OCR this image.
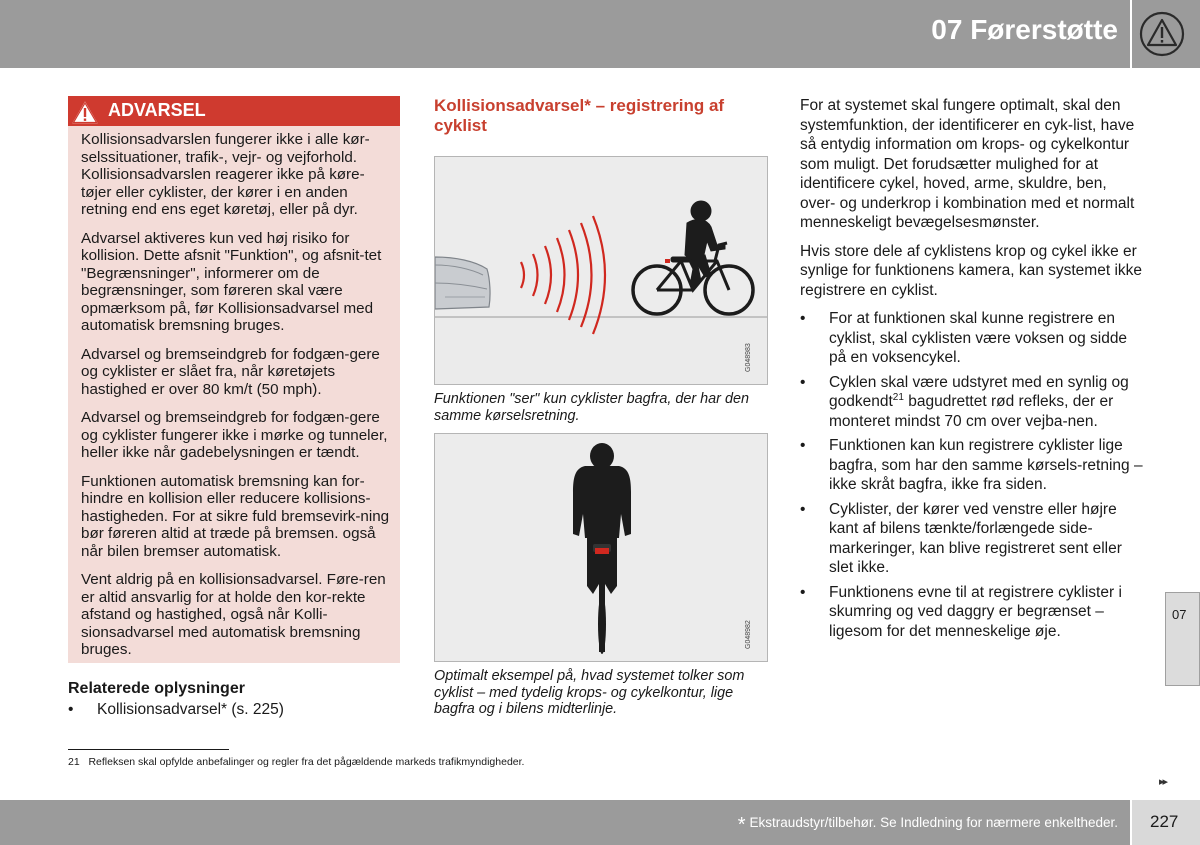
07 Førerstøtte
ADVARSEL

Kollisionsadvarslen fungerer ikke i alle kør-selssituationer, trafik-, vejr- og vejforhold. Kollisionsadvarslen reagerer ikke på køre-tøjer eller cyklister, der kører i en anden retning end ens eget køretøj, eller på dyr.

Advarsel aktiveres kun ved høj risiko for kollision. Dette afsnit "Funktion", og afsnit-tet "Begrænsninger", informerer om de begrænsninger, som føreren skal være opmærksom på, før Kollisionsadvarsel med automatisk bremsning bruges.

Advarsel og bremseindgreb for fodgæn-gere og cyklister er slået fra, når køretøjets hastighed er over 80 km/t (50 mph).

Advarsel og bremseindgreb for fodgæn-gere og cyklister fungerer ikke i mørke og tunneler, heller ikke når gadebelysningen er tændt.

Funktionen automatisk bremsning kan for-hindre en kollision eller reducere kollisions-hastigheden. For at sikre fuld bremsevirk-ning bør føreren altid at træde på bremsen. også når bilen bremser automatisk.

Vent aldrig på en kollisionsadvarsel. Føre-ren er altid ansvarlig for at holde den kor-rekte afstand og hastighed, også når Kolli-sionsadvarsel med automatisk bremsning bruges.

Relaterede oplysninger
• Kollisionsadvarsel* (s. 225)
Kollisionsadvarsel* – registrering af cyklist
G048983
Funktionen "ser" kun cyklister bagfra, der har den samme kørselsretning.
G048982
Optimalt eksempel på, hvad systemet tolker som cyklist – med tydelig krops- og cykelkontur, lige bagfra og i bilens midterlinje.

For at systemet skal fungere optimalt, skal den systemfunktion, der identificerer en cyk-list, have så entydig information om krops- og cykelkontur som muligt. Det forudsætter mulighed for at identificere cykel, hoved, arme, skuldre, ben, over- og underkrop i kombination med et normalt menneskeligt bevægelsesmønster.

Hvis store dele af cyklistens krop og cykel ikke er synlige for funktionens kamera, kan systemet ikke registrere en cyklist.

• For at funktionen skal kunne registrere en cyklist, skal cyklisten være voksen og sidde på en voksencykel.
• Cyklen skal være udstyret med en synlig og godkendt$^{21}$ bagudrettet rød refleks, der er monteret mindst 70 cm over vejba-nen.
• Funktionen kan kun registrere cyklister lige bagfra, som har den samme kørsels-retning – ikke skråt bagfra, ikke fra siden.
• Cyklister, der kører ved venstre eller højre kant af bilens tænkte/forlængede side-markeringer, kan blive registreret sent eller slet ikke.
• Funktionens evne til at registrere cyklister i skumring og ved daggry er begrænset – ligesom for det menneskelige øje.
07
21 Refleksen skal opfylde anbefalinger og regler fra det pågældende markeds trafikmyndigheder.
▸▸
* Ekstraudstyr/tilbehør. Se Indledning for nærmere enkeltheder. 227
